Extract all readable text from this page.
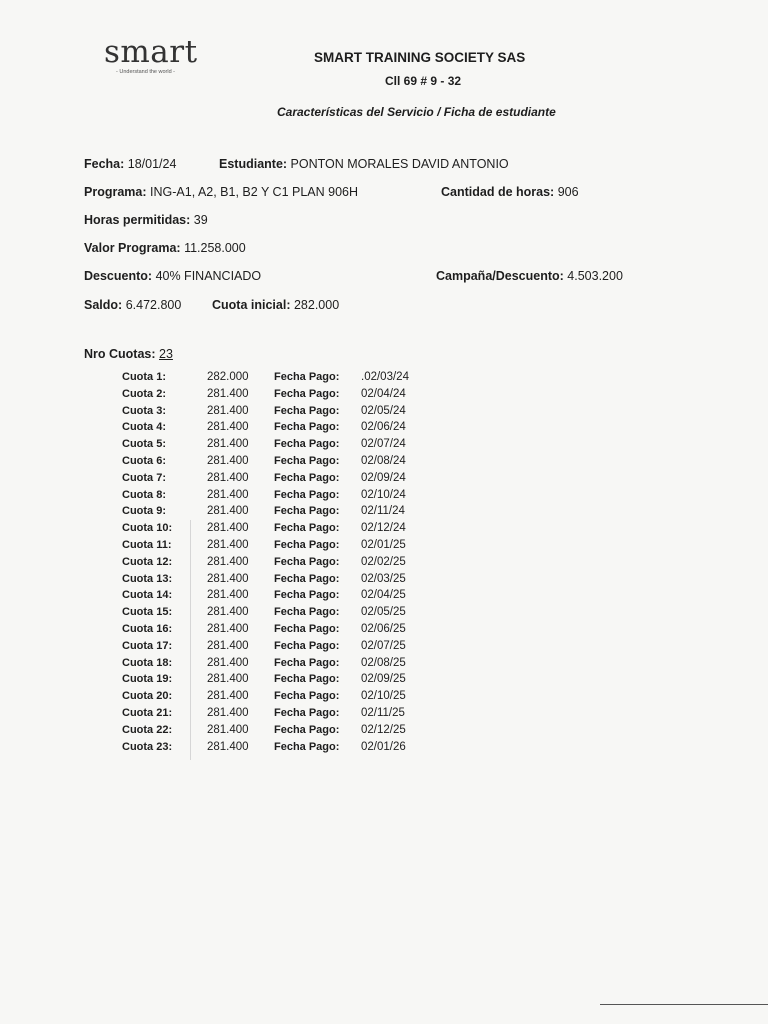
smart
- Understand the world -
SMART TRAINING SOCIETY SAS
Cll 69 # 9 - 32
Características del Servicio / Ficha de estudiante
Fecha: 18/01/24	Estudiante: PONTON MORALES DAVID ANTONIO
Programa: ING-A1, A2, B1, B2 Y C1 PLAN 906H	Cantidad de horas: 906
Horas permitidas: 39
Valor Programa: 11.258.000
Descuento: 40% FINANCIADO	Campaña/Descuento: 4.503.200
Saldo: 6.472.800 Cuota inicial: 282.000
Nro Cuotas: 23
Cuota 1:	282.000 Fecha Pago: .02/03/24
Cuota 2:	281.400 Fecha Pago: 02/04/24
Cuota 3:	281.400 Fecha Pago: 02/05/24
Cuota 4:	281.400 Fecha Pago: 02/06/24
Cuota 5:	281.400 Fecha Pago: 02/07/24
Cuota 6:	281.400 Fecha Pago: 02/08/24
Cuota 7:	281.400 Fecha Pago: 02/09/24
Cuota 8:	281.400 Fecha Pago: 02/10/24
Cuota 9:	281.400 Fecha Pago: 02/11/24
Cuota 10:	281.400 Fecha Pago: 02/12/24
Cuota 11:	281.400 Fecha Pago: 02/01/25
Cuota 12:	281.400 Fecha Pago: 02/02/25
Cuota 13:	281.400 Fecha Pago: 02/03/25
Cuota 14:	281.400 Fecha Pago: 02/04/25
Cuota 15:	281.400 Fecha Pago: 02/05/25
Cuota 16:	281.400 Fecha Pago: 02/06/25
Cuota 17:	281.400 Fecha Pago: 02/07/25
Cuota 18:	281.400 Fecha Pago: 02/08/25
Cuota 19:	281.400 Fecha Pago: 02/09/25
Cuota 20:	281.400 Fecha Pago: 02/10/25
Cuota 21:	281.400 Fecha Pago: 02/11/25
Cuota 22:	281.400 Fecha Pago: 02/12/25
Cuota 23:	281.400 Fecha Pago: 02/01/26
